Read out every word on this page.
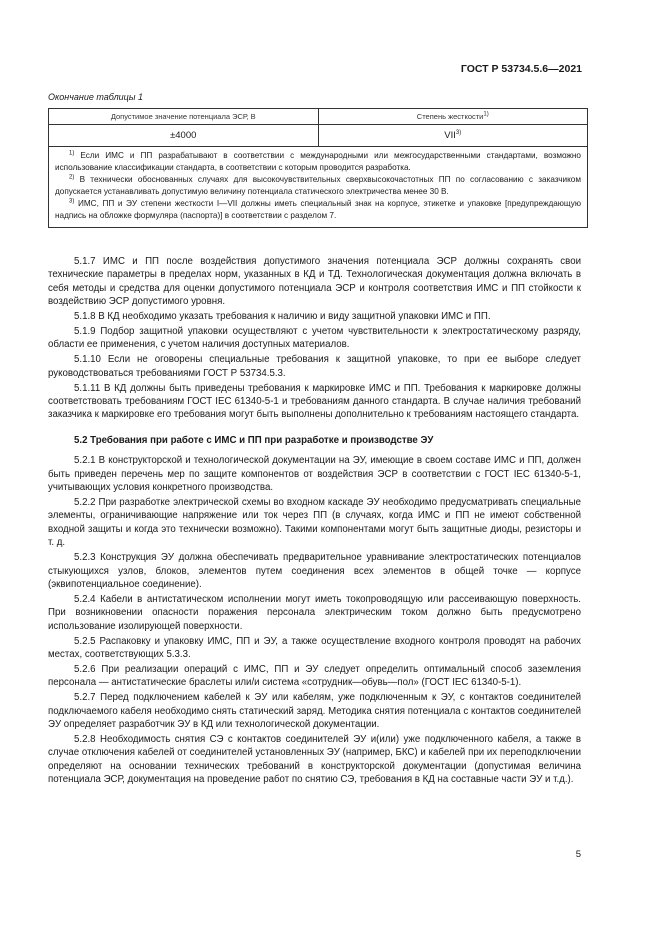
ГОСТ Р 53734.5.6—2021
Окончание таблицы 1
Допустимое значение потенциала ЭСР, В	Степень жесткости$^{1)}$
±4000	VII$^{3)}$

$^{1)}$ Если ИМС и ПП разрабатывают в соответствии с международными или межгосударственными стандартами, возможно использование классификации стандарта, в соответствии с которым проводится разработка.

$^{2)}$ В технически обоснованных случаях для высокочувствительных сверхвысокочастотных ПП по согласованию с заказчиком допускается устанавливать допустимую величину потенциала статического электричества менее 30 В.

$^{3)}$ ИМС, ПП и ЭУ степени жесткости I—VII должны иметь специальный знак на корпусе, этикетке и упаковке [предупреждающую надпись на обложке формуляра (паспорта)] в соответствии с разделом 7.

5.1.7 ИМС и ПП после воздействия допустимого значения потенциала ЭСР должны сохранять свои технические параметры в пределах норм, указанных в КД и ТД. Технологическая документация должна включать в себя методы и средства для оценки допустимого потенциала ЭСР и контроля соответствия ИМС и ПП стойкости к воздействию ЭСР допустимого уровня.

5.1.8 В КД необходимо указать требования к наличию и виду защитной упаковки ИМС и ПП.

5.1.9 Подбор защитной упаковки осуществляют с учетом чувствительности к электростатическому разряду, области ее применения, с учетом наличия доступных материалов.

5.1.10 Если не оговорены специальные требования к защитной упаковке, то при ее выборе следует руководствоваться требованиями ГОСТ Р 53734.5.3.

5.1.11 В КД должны быть приведены требования к маркировке ИМС и ПП. Требования к маркировке должны соответствовать требованиям ГОСТ IEC 61340-5-1 и требованиям данного стандарта. В случае наличия требований заказчика к маркировке его требования могут быть выполнены дополнительно к требованиям настоящего стандарта.

5.2 Требования при работе с ИМС и ПП при разработке и производстве ЭУ

5.2.1 В конструкторской и технологической документации на ЭУ, имеющие в своем составе ИМС и ПП, должен быть приведен перечень мер по защите компонентов от воздействия ЭСР в соответствии с ГОСТ IEC 61340-5-1, учитывающих условия конкретного производства.

5.2.2 При разработке электрической схемы во входном каскаде ЭУ необходимо предусматривать специальные элементы, ограничивающие напряжение или ток через ПП (в случаях, когда ИМС и ПП не имеют собственной входной защиты и когда это технически возможно). Такими компонентами могут быть защитные диоды, резисторы и т. д.

5.2.3 Конструкция ЭУ должна обеспечивать предварительное уравнивание электростатических потенциалов стыкующихся узлов, блоков, элементов путем соединения всех элементов в общей точке — корпусе (эквипотенциальное соединение).

5.2.4 Кабели в антистатическом исполнении могут иметь токопроводящую или рассеивающую поверхность. При возникновении опасности поражения персонала электрическим током должно быть предусмотрено использование изолирующей поверхности.

5.2.5 Распаковку и упаковку ИМС, ПП и ЭУ, а также осуществление входного контроля проводят на рабочих местах, соответствующих 5.3.3.

5.2.6 При реализации операций с ИМС, ПП и ЭУ следует определить оптимальный способ заземления персонала — антистатические браслеты или/и система «сотрудник—обувь—пол» (ГОСТ IEC 61340-5-1).

5.2.7 Перед подключением кабелей к ЭУ или кабелям, уже подключенным к ЭУ, с контактов соединителей подключаемого кабеля необходимо снять статический заряд. Методика снятия потенциала с контактов соединителей ЭУ определяет разработчик ЭУ в КД или технологической документации.

5.2.8 Необходимость снятия СЭ с контактов соединителей ЭУ и(или) уже подключенного кабеля, а также в случае отключения кабелей от соединителей установленных ЭУ (например, БКС) и кабелей при их переподключении определяют на основании технических требований в конструкторской документации (допустимая величина потенциала ЭСР, документация на проведение работ по снятию СЭ, требования в КД на составные части ЭУ и т.д.).

5
